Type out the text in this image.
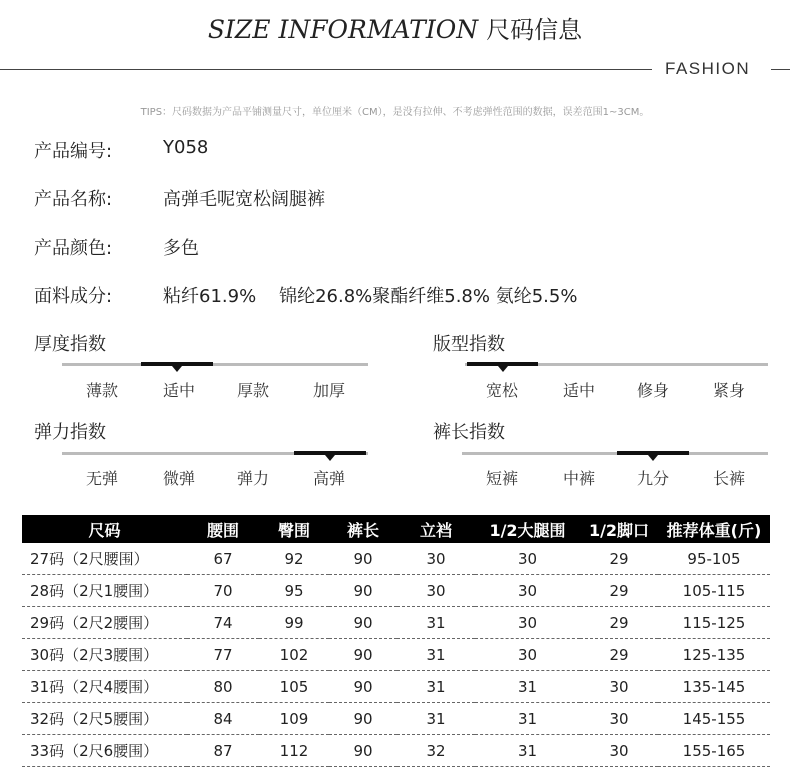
SIZE INFORMATION 尺码信息
FASHION
TIPS：尺码数据为产品平铺测量尺寸，单位厘米（CM），是没有拉伸、不考虑弹性范围的数据，误差范围1~3CM。
产品编号:	Y058
产品名称:	高弹毛呢宽松阔腿裤
产品颜色:	多色
面料成分:	粘纤61.9%    锦纶26.8%聚酯纤维5.8% 氨纶5.5%
厚度指数
薄款	适中	厚款	加厚
版型指数
宽松	适中	修身	紧身
弹力指数
无弹	微弹	弹力	高弹
裤长指数
短裤	中裤	九分	长裤
尺码	腰围	臀围	裤长	立裆	1/2大腿围	1/2脚口	推荐体重(斤)
27码（2尺腰围）	67	92	90	30	30	29	95-105
28码（2尺1腰围）	70	95	90	30	30	29	105-115
29码（2尺2腰围）	74	99	90	31	30	29	115-125
30码（2尺3腰围）	77	102	90	31	30	29	125-135
31码（2尺4腰围）	80	105	90	31	31	30	135-145
32码（2尺5腰围）	84	109	90	31	31	30	145-155
33码（2尺6腰围）	87	112	90	32	31	30	155-165
